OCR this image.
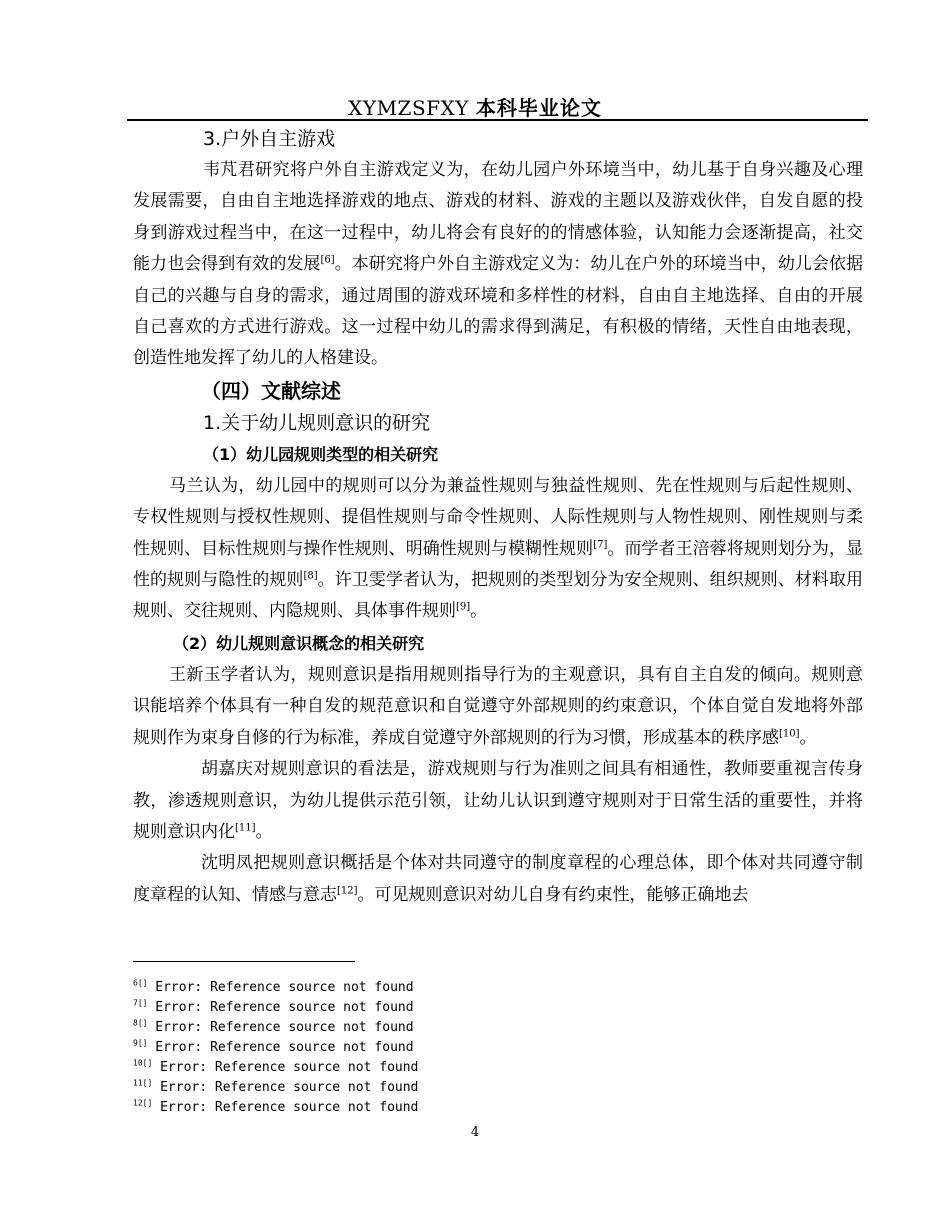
XYMZSFXY 本科毕业论文
3.户外自主游戏

韦芃君研究将户外自主游戏定义为，在幼儿园户外环境当中，幼儿基于自身兴趣及心理发展需要，自由自主地选择游戏的地点、游戏的材料、游戏的主题以及游戏伙伴，自发自愿的投身到游戏过程当中，在这一过程中，幼儿将会有良好的的情感体验，认知能力会逐渐提高，社交能力也会得到有效的发展[6]。本研究将户外自主游戏定义为：幼儿在户外的环境当中，幼儿会依据自己的兴趣与自身的需求，通过周围的游戏环境和多样性的材料，自由自主地选择、自由的开展自己喜欢的方式进行游戏。这一过程中幼儿的需求得到满足，有积极的情绪，天性自由地表现，创造性地发挥了幼儿的人格建设。

（四）文献综述
1.关于幼儿规则意识的研究
（1）幼儿园规则类型的相关研究

马兰认为，幼儿园中的规则可以分为兼益性规则与独益性规则、先在性规则与后起性规则、专权性规则与授权性规则、提倡性规则与命令性规则、人际性规则与人物性规则、刚性规则与柔性规则、目标性规则与操作性规则、明确性规则与模糊性规则[7]。而学者王涪蓉将规则划分为，显性的规则与隐性的规则[8]。许卫雯学者认为，把规则的类型划分为安全规则、组织规则、材料取用规则、交往规则、内隐规则、具体事件规则[9]。

（2）幼儿规则意识概念的相关研究

王新玉学者认为，规则意识是指用规则指导行为的主观意识，具有自主自发的倾向。规则意识能培养个体具有一种自发的规范意识和自觉遵守外部规则的约束意识，个体自觉自发地将外部规则作为束身自修的行为标准，养成自觉遵守外部规则的行为习惯，形成基本的秩序感[10]。

胡嘉庆对规则意识的看法是，游戏规则与行为准则之间具有相通性，教师要重视言传身教，渗透规则意识，为幼儿提供示范引领，让幼儿认识到遵守规则对于日常生活的重要性，并将规则意识内化[11]。

沈明凤把规则意识概括是个体对共同遵守的制度章程的心理总体，即个体对共同遵守制度章程的认知、情感与意志[12]。可见规则意识对幼儿自身有约束性，能够正确地去

$^{6[]}$ Error: Reference source not found
$^{7[]}$ Error: Reference source not found
$^{8[]}$ Error: Reference source not found
$^{9[]}$ Error: Reference source not found
$^{10[]}$ Error: Reference source not found
$^{11[]}$ Error: Reference source not found
$^{12[]}$ Error: Reference source not found
4
